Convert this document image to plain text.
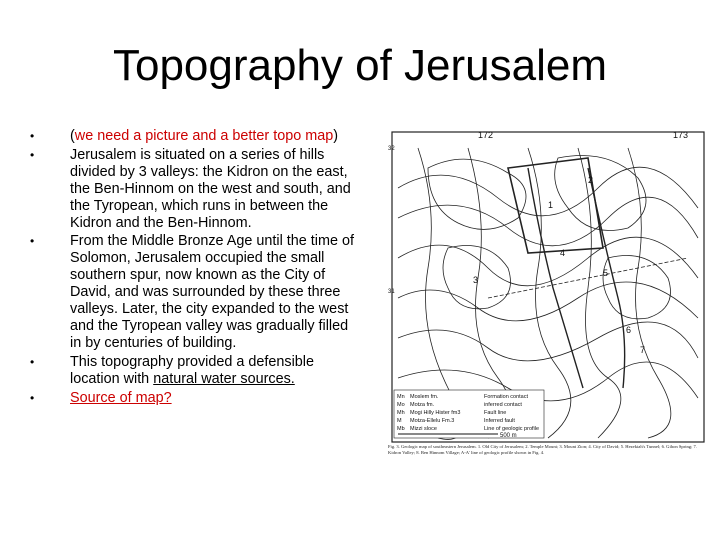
Topography of Jerusalem
• (we need a picture and a better topo map)
• Jerusalem is situated on a series of hills divided by 3 valleys: the Kidron on the east, the Ben-Hinnom on the west and south, and the Tyropean, which runs in between the Kidron and the Ben-Hinnom.
• From the Middle Bronze Age until the time of Solomon, Jerusalem occupied the small southern spur, now known as the City of David, and was surrounded by these three valleys. Later, the city expanded to the west and the Tyropean valley was gradually filled in by centuries of building.
• This topography provided a defensible location with natural water sources.
• Source of map?
172	173
32
31
1
2
3
4
5
6
7
Mn
Mo
Mh
M
Mb
Moslem fm.
Motza fm.
Mogi Hilly Hister fm3
Motza-Ellelu Fm.3
Mizzi sloce
Formation contact
inferred contact
Fault line
Inferred fault
Line of geologic profile
500 m
Fig. 3. Geologic map of southeastern Jerusalem. 1. Old City of Jerusalem; 2. Temple Mount; 3. Mount Zion; 4. City of David; 5. Hezekiah's Tunnel; 6. Gihon Spring; 7. Kidron Valley; 8. Ben Hinnom Village; A-A' line of geologic profile shown in Fig. 4.
